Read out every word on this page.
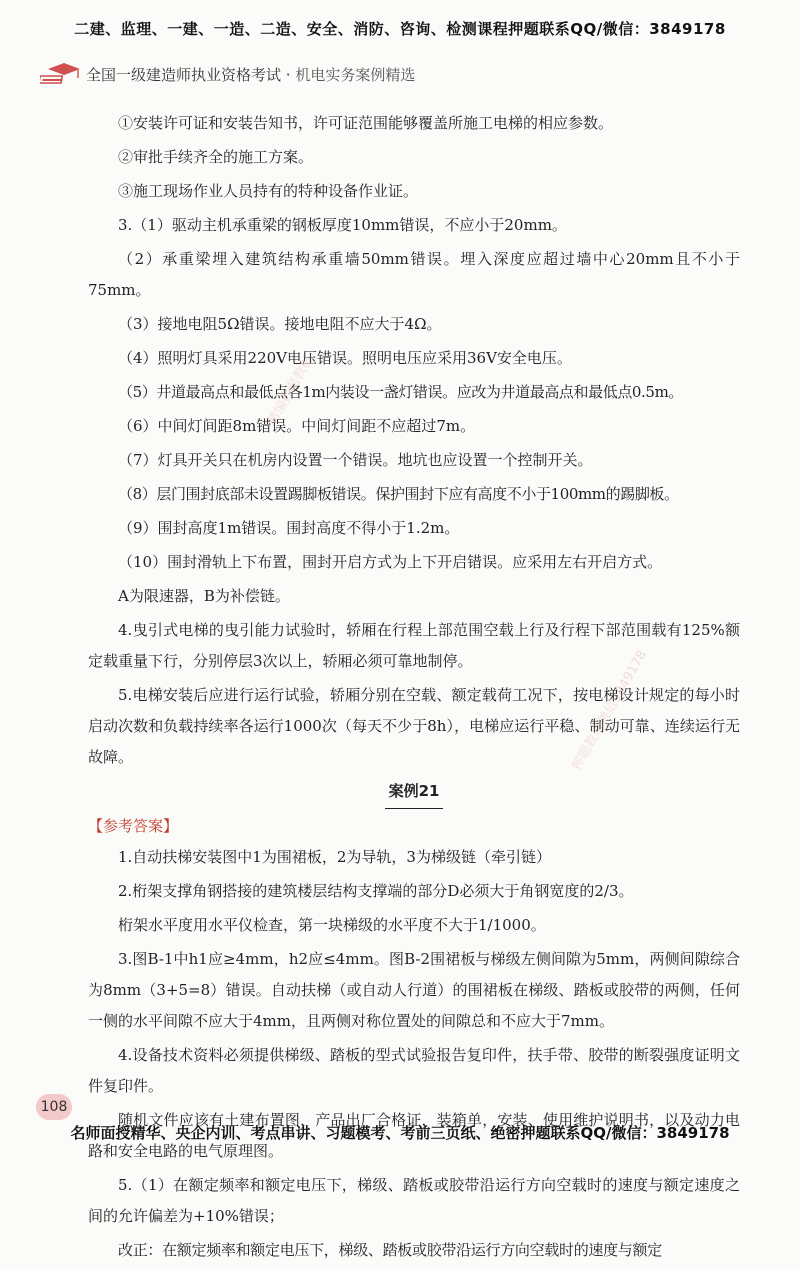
二建、监理、一建、一造、二造、安全、消防、咨询、检测课程押题联系QQ/微信：3849178
全国一级建造师执业资格考试 · 机电实务案例精选
精编押题教材
押题教材微信3849178

①安装许可证和安装告知书，许可证范围能够覆盖所施工电梯的相应参数。

②审批手续齐全的施工方案。

③施工现场作业人员持有的特种设备作业证。

3.（1）驱动主机承重梁的钢板厚度10mm错误，不应小于20mm。

（2）承重梁埋入建筑结构承重墙50mm错误。埋入深度应超过墙中心20mm且不小于75mm。

（3）接地电阻5Ω错误。接地电阻不应大于4Ω。

（4）照明灯具采用220V电压错误。照明电压应采用36V安全电压。

（5）井道最高点和最低点各1m内装设一盏灯错误。应改为井道最高点和最低点0.5m。

（6）中间灯间距8m错误。中间灯间距不应超过7m。

（7）灯具开关只在机房内设置一个错误。地坑也应设置一个控制开关。

（8）层门围封底部未设置踢脚板错误。保护围封下应有高度不小于100mm的踢脚板。

（9）围封高度1m错误。围封高度不得小于1.2m。

（10）围封滑轨上下布置，围封开启方式为上下开启错误。应采用左右开启方式。

A为限速器，B为补偿链。

4.曳引式电梯的曳引能力试验时，轿厢在行程上部范围空载上行及行程下部范围载有125%额定载重量下行，分别停层3次以上，轿厢必须可靠地制停。

5.电梯安装后应进行运行试验，轿厢分别在空载、额定载荷工况下，按电梯设计规定的每小时启动次数和负载持续率各运行1000次（每天不少于8h），电梯应运行平稳、制动可靠、连续运行无故障。

案例21

【参考答案】

1.自动扶梯安装图中1为围裙板，2为导轨，3为梯级链（牵引链）

2.桁架支撑角钢搭接的建筑楼层结构支撑端的部分D必须大于角钢宽度的2/3。

桁架水平度用水平仪检查，第一块梯级的水平度不大于1/1000。

3.图B-1中h1应≥4mm，h2应≤4mm。图B-2围裙板与梯级左侧间隙为5mm，两侧间隙综合为8mm（3+5=8）错误。自动扶梯（或自动人行道）的围裙板在梯级、踏板或胶带的两侧，任何一侧的水平间隙不应大于4mm，且两侧对称位置处的间隙总和不应大于7mm。

4.设备技术资料必须提供梯级、踏板的型式试验报告复印件，扶手带、胶带的断裂强度证明文件复印件。

随机文件应该有土建布置图，产品出厂合格证，装箱单，安装、使用维护说明书，以及动力电路和安全电路的电气原理图。

5.（1）在额定频率和额定电压下，梯级、踏板或胶带沿运行方向空载时的速度与额定速度之间的允许偏差为+10%错误；

改正：在额定频率和额定电压下，梯级、踏板或胶带沿运行方向空载时的速度与额定

108
名师面授精华、央企内训、考点串讲、习题模考、考前三页纸、绝密押题联系QQ/微信：3849178
